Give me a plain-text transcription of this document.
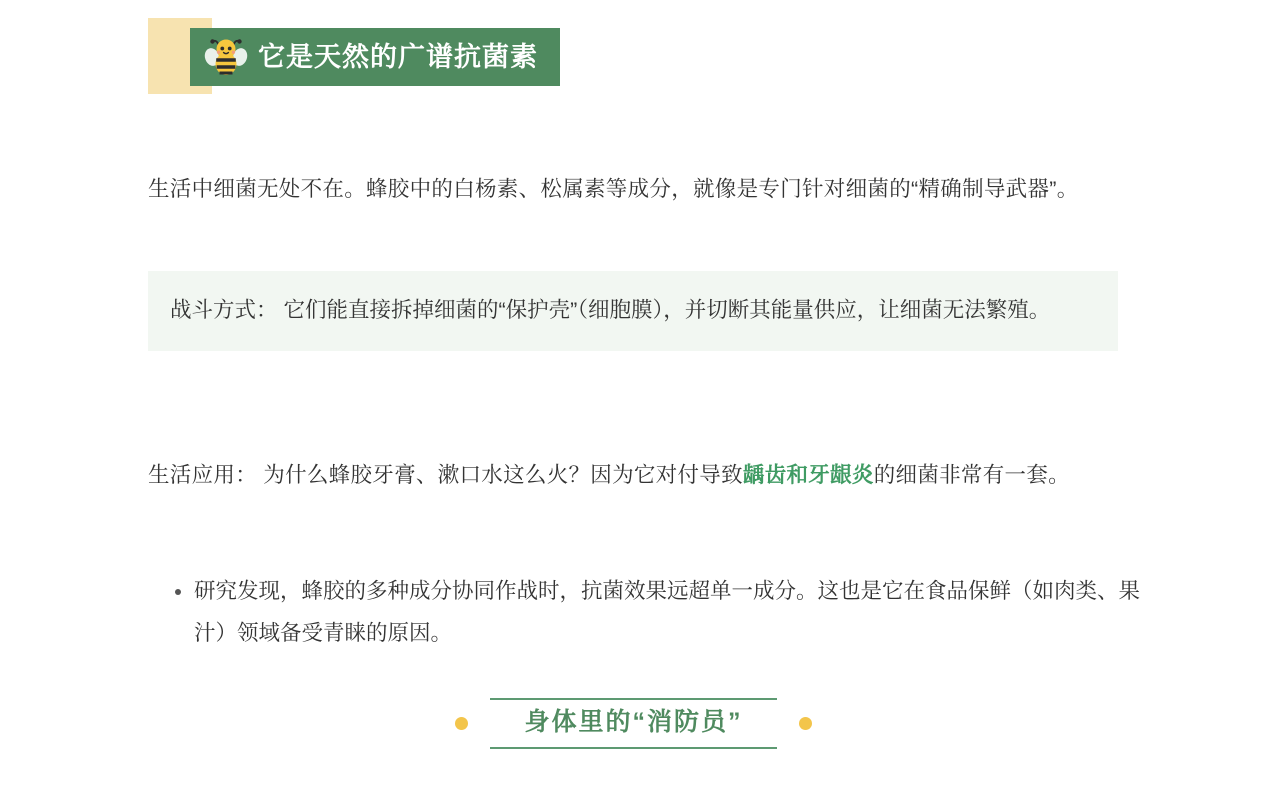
它是天然的广谱抗菌素

生活中细菌无处不在。蜂胶中的白杨素、松属素等成分，就像是专门针对细菌的“精确制导武器”。

战斗方式： 它们能直接拆掉细菌的“保护壳”（细胞膜），并切断其能量供应，让细菌无法繁殖。

生活应用： 为什么蜂胶牙膏、漱口水这么火？因为它对付导致龋齿和牙龈炎的细菌非常有一套。

• 研究发现，蜂胶的多种成分协同作战时，抗菌效果远超单一成分。这也是它在食品保鲜（如肉类、果汁）领域备受青睐的原因。
身体里的“消防员”
